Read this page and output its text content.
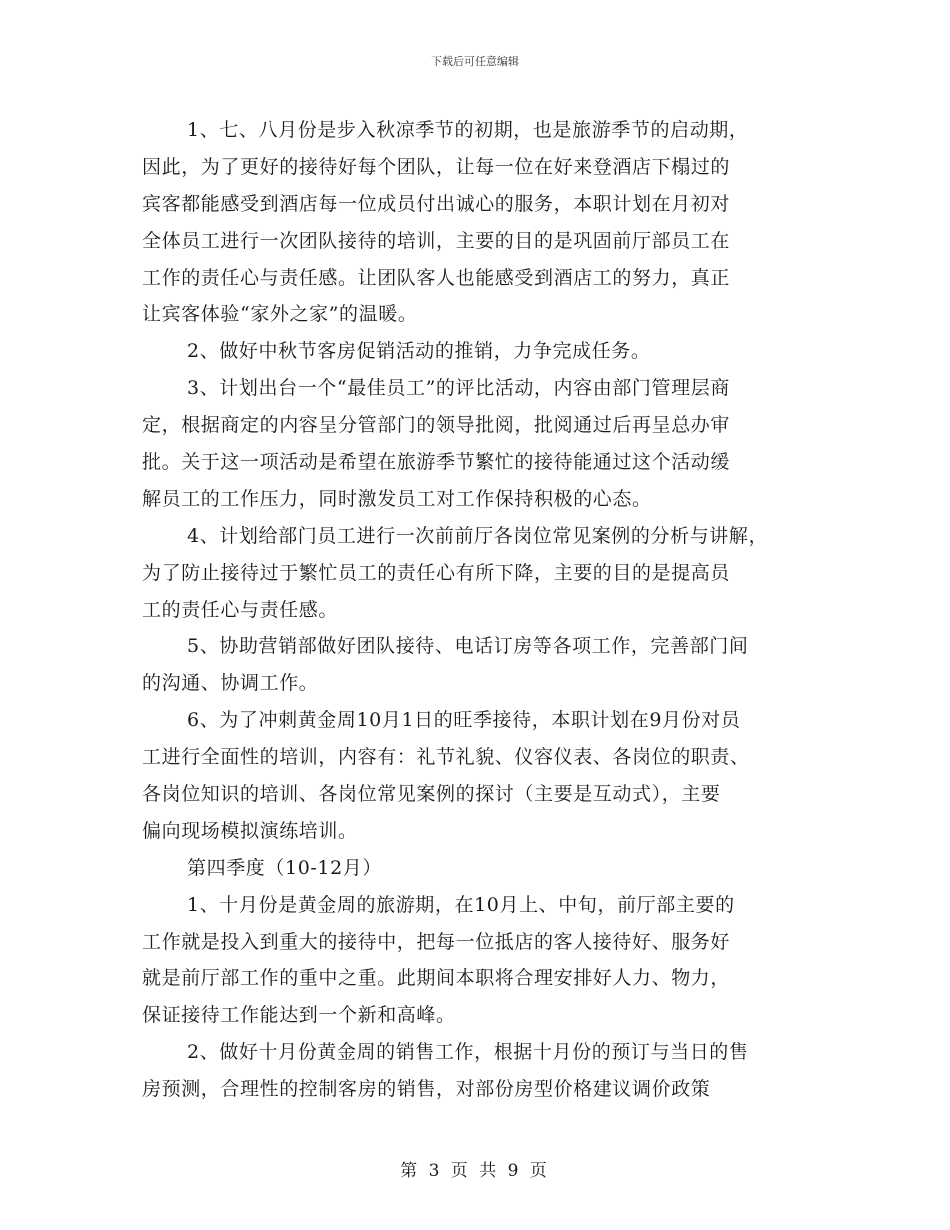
下载后可任意编辑
1、七、八月份是步入秋凉季节的初期，也是旅游季节的启动期，
因此，为了更好的接待好每个团队，让每一位在好来登酒店下榻过的
宾客都能感受到酒店每一位成员付出诚心的服务，本职计划在月初对
全体员工进行一次团队接待的培训，主要的目的是巩固前厅部员工在
工作的责任心与责任感。让团队客人也能感受到酒店工的努力，真正
让宾客体验“家外之家”的温暖。
2、做好中秋节客房促销活动的推销，力争完成任务。
3、计划出台一个“最佳员工”的评比活动，内容由部门管理层商
定，根据商定的内容呈分管部门的领导批阅，批阅通过后再呈总办审
批。关于这一项活动是希望在旅游季节繁忙的接待能通过这个活动缓
解员工的工作压力，同时激发员工对工作保持积极的心态。
4、计划给部门员工进行一次前前厅各岗位常见案例的分析与讲解，
为了防止接待过于繁忙员工的责任心有所下降，主要的目的是提高员
工的责任心与责任感。
5、协助营销部做好团队接待、电话订房等各项工作，完善部门间
的沟通、协调工作。
6、为了冲刺黄金周10月1日的旺季接待，本职计划在9月份对员
工进行全面性的培训，内容有：礼节礼貌、仪容仪表、各岗位的职责、
各岗位知识的培训、各岗位常见案例的探讨（主要是互动式），主要
偏向现场模拟演练培训。
第四季度（10-12月）
1、十月份是黄金周的旅游期，在10月上、中旬，前厅部主要的
工作就是投入到重大的接待中，把每一位抵店的客人接待好、服务好
就是前厅部工作的重中之重。此期间本职将合理安排好人力、物力，
保证接待工作能达到一个新和高峰。
2、做好十月份黄金周的销售工作，根据十月份的预订与当日的售
房预测，合理性的控制客房的销售，对部份房型价格建议调价政策
第 3 页 共 9 页
